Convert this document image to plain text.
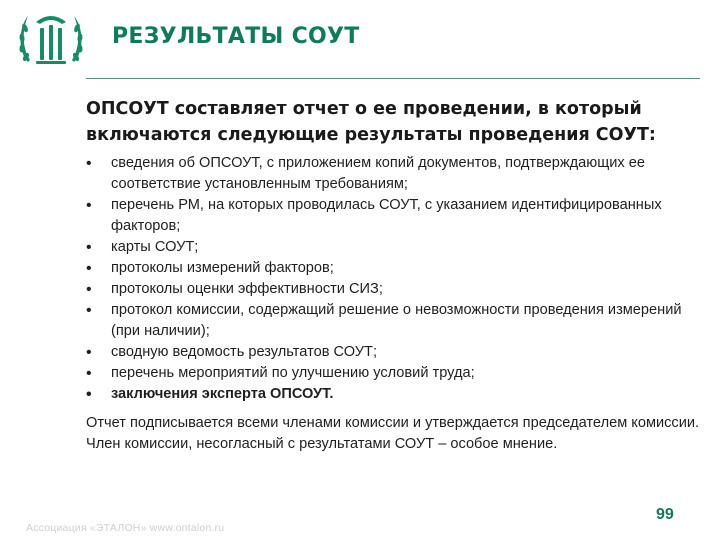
РЕЗУЛЬТАТЫ СОУТ
ОПСОУТ составляет отчет о ее проведении, в который включаются следующие результаты проведения СОУТ:
• сведения об ОПСОУТ, с приложением копий документов, подтверждающих ее соответствие установленным требованиям;
• перечень РМ, на которых проводилась СОУТ, с указанием идентифицированных факторов;
• карты СОУТ;
• протоколы измерений факторов;
• протоколы оценки эффективности СИЗ;
• протокол комиссии, содержащий решение о невозможности проведения измерений (при наличии);
• сводную ведомость результатов СОУТ;
• перечень мероприятий по улучшению условий труда;
• заключения эксперта ОПСОУТ.
Отчет подписывается всеми членами комиссии и утверждается председателем комиссии. Член комиссии, несогласный с результатами СОУТ – особое мнение.
Ассоциация «ЭТАЛОН» www.ontalon.ru
99
